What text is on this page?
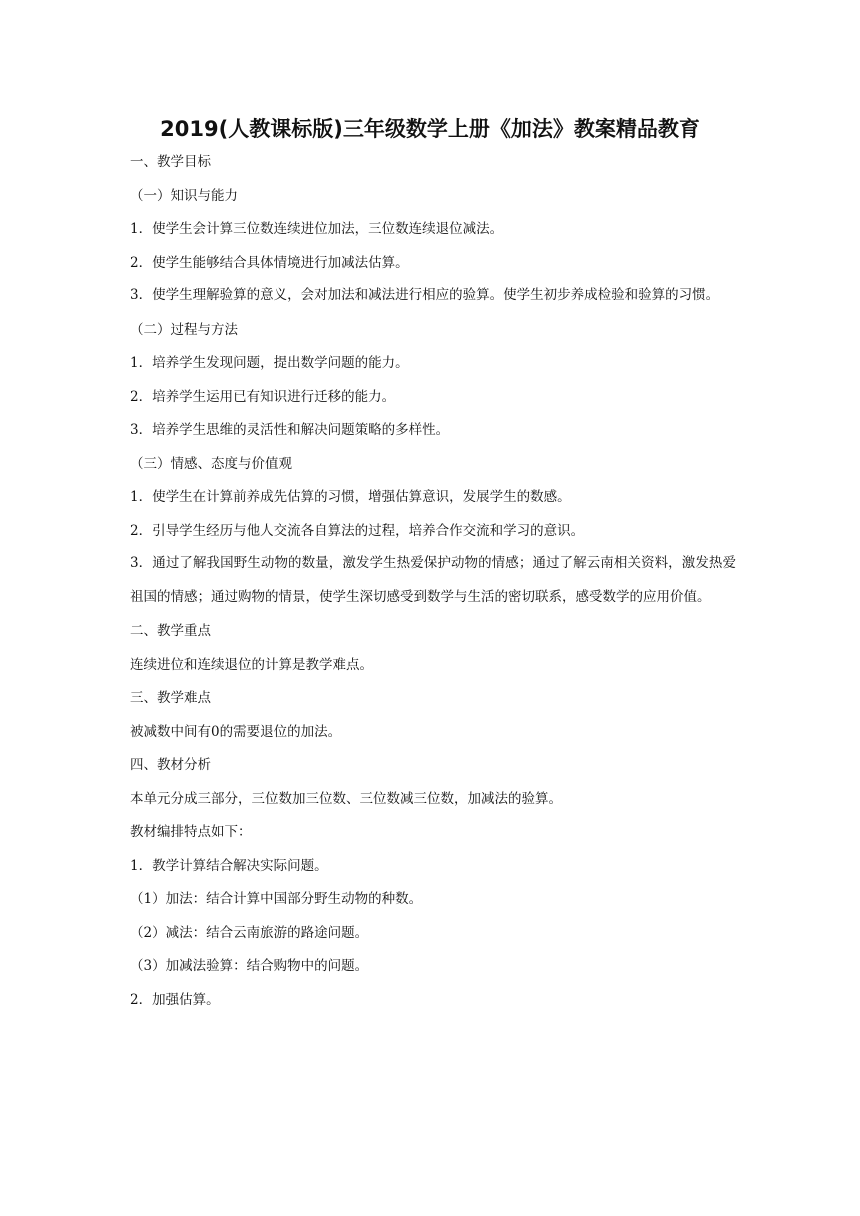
2019(人教课标版)三年级数学上册《加法》教案精品教育

一、教学目标

（一）知识与能力

1．使学生会计算三位数连续进位加法，三位数连续退位减法。

2．使学生能够结合具体情境进行加减法估算。

3．使学生理解验算的意义，会对加法和减法进行相应的验算。使学生初步养成检验和验算的习惯。

（二）过程与方法

1．培养学生发现问题，提出数学问题的能力。

2．培养学生运用已有知识进行迁移的能力。

3．培养学生思维的灵活性和解决问题策略的多样性。

（三）情感、态度与价值观

1．使学生在计算前养成先估算的习惯，增强估算意识，发展学生的数感。

2．引导学生经历与他人交流各自算法的过程，培养合作交流和学习的意识。

3．通过了解我国野生动物的数量，激发学生热爱保护动物的情感；通过了解云南相关资料，激发热爱祖国的情感；通过购物的情景，使学生深切感受到数学与生活的密切联系，感受数学的应用价值。

二、教学重点

连续进位和连续退位的计算是教学难点。

三、教学难点

被减数中间有0的需要退位的加法。

四、教材分析

本单元分成三部分，三位数加三位数、三位数减三位数，加减法的验算。

教材编排特点如下：

1．教学计算结合解决实际问题。

（1）加法：结合计算中国部分野生动物的种数。

（2）减法：结合云南旅游的路途问题。

（3）加减法验算：结合购物中的问题。

2．加强估算。
